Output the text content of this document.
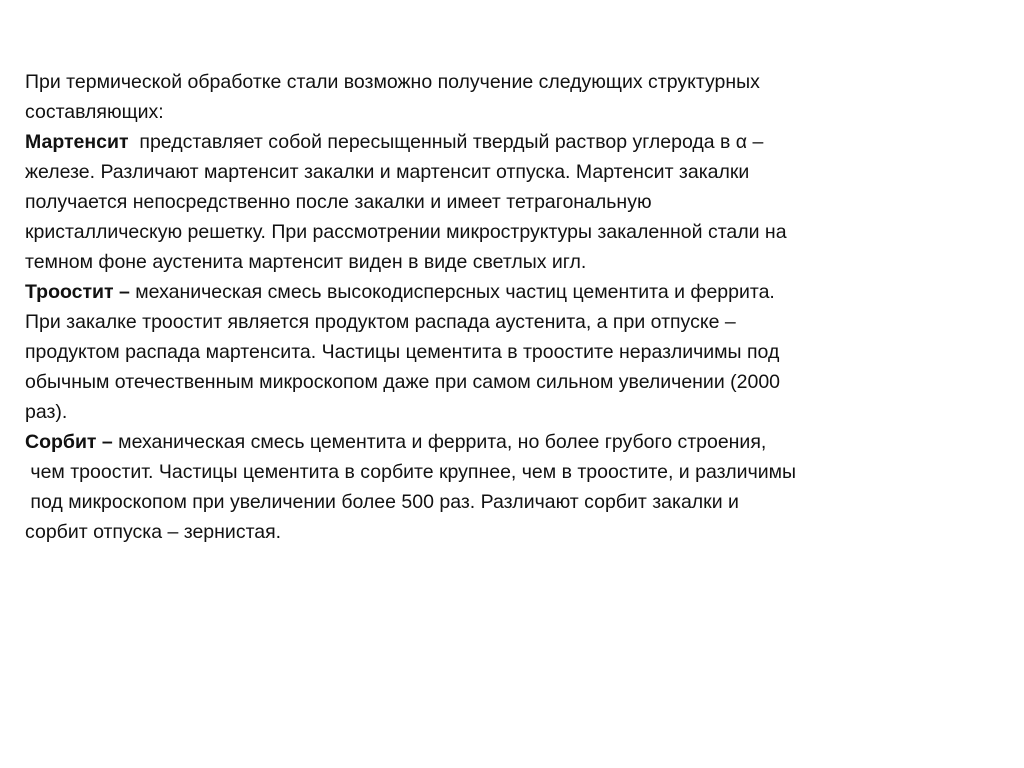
При термической обработке стали возможно получение следующих структурных
составляющих:
Мартенсит  представляет собой пересыщенный твердый раствор углерода в α –
железе. Различают мартенсит закалки и мартенсит отпуска. Мартенсит закалки
получается непосредственно после закалки и имеет тетрагональную
кристаллическую решетку. При рассмотрении микроструктуры закаленной стали на
темном фоне аустенита мартенсит виден в виде светлых игл.
Троостит – механическая смесь высокодисперсных частиц цементита и феррита.
При закалке троостит является продуктом распада аустенита, а при отпуске –
продуктом распада мартенсита. Частицы цементита в троостите неразличимы под
обычным отечественным микроскопом даже при самом сильном увеличении (2000
раз).
Сорбит – механическая смесь цементита и феррита, но более грубого строения,
чем троостит. Частицы цементита в сорбите крупнее, чем в троостите, и различимы
под микроскопом при увеличении более 500 раз. Различают сорбит закалки и
сорбит отпуска – зернистая.
